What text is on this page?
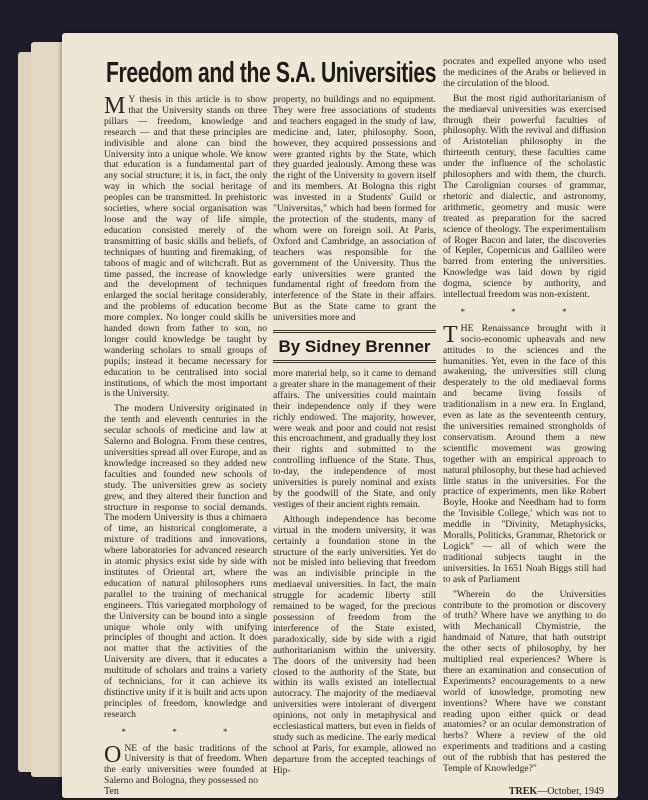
Freedom and the S.A. Universities

M Y thesis in this article is to show that the University stands on three pillars — freedom, knowledge and research — and that these principles are indivisible and alone can bind the University into a unique whole. We know that education is a fundamental part of any social structure; it is, in fact, the only way in which the social heritage of peoples can be transmitted. In prehistoric societies, where social organisation was loose and the way of life simple, education consisted merely of the transmitting of basic skills and beliefs, of techniques of hunting and firemaking, of taboos of magic and of witchcraft. But as time passed, the increase of knowledge and the development of techniques enlarged the social heritage considerably, and the problems of education become more complex. No longer could skills be handed down from father to son, no longer could knowledge be taught by wandering scholars to small groups of pupils; instead it became necessary for education to be centralised into social institutions, of which the most important is the University.

The modern University originated in the tenth and eleventh centuries in the secular schools of medicine and law at Salerno and Bologna. From these centres, universities spread all over Europe, and as knowledge increased so they added new faculties and founded new schools of study. The universities grew as society grew, and they altered their function and structure in response to social demands. The modern University is thus a chimaera of time, an historical conglomerate, a mixture of traditions and innovations, where laboratories for advanced research in atomic physics exist side by side with institutes of Oriental art, where the education of natural philosophers runs parallel to the training of mechanical engineers. This variegated morphology of the University can be bound into a single unique whole only with unifying principles of thought and action. It does not matter that the activities of the University are divers, that it educates a multitude of scholars and trains a variety of technicians, for it can achieve its distinctive unity if it is built and acts upon principles of freedom, knowledge and research

* * *

ONE of the basic traditions of the University is that of freedom. When the early universities were founded at Salerno and Bologna, they possessed no

property, no buildings and no equipment. They were free associations of students and teachers engaged in the study of law, medicine and, later, philosophy. Soon, however, they acquired possessions and were granted rights by the State, which they guarded jealously. Among these was the right of the University to govern itself and its members. At Bologna this right was invested in a Students' Guild or "Universitas," which had been formed for the protection of the students, many of whom were on foreign soil. At Paris, Oxford and Cambridge, an association of teachers was responsible for the government of the University. Thus the early universities were granted the fundamental right of freedom from the interference of the State in their affairs. But as the State came to grant the universities more and

By Sidney Brenner

more material help, so it came to demand a greater share in the management of their affairs. The universities could maintain their independence only if they were richly endowed. The majority, however, were weak and poor and could not resist this encroachment, and gradually they lost their rights and submitted to the controlling influence of the State. Thus, to-day, the independence of most universities is purely nominal and exists by the goodwill of the State, and only vestiges of their ancient rights remain.

Although independence has become virtual in the modern university, it was certainly a foundation stone in the structure of the early universities. Yet do not be misled into believing that freedom was an indivisible principle in the mediaeval universities. In fact, the main struggle for academic liberty still remained to be waged, for the precious possession of freedom from the interference of the State existed, paradoxically, side by side with a rigid authoritarianism within the university. The doors of the university had been closed to the authority of the State, but within its walls existed an intellectual autocracy. The majority of the mediaeval universities were intolerant of divergent opinions, not only in metaphysical and ecclesiastical matters, but even in fields of study such as medicine. The early medical school at Paris, for example, allowed no departure from the accepted teachings of Hip-

pocrates and expelled anyone who used the medicines of the Arabs or believed in the circulation of the blood.

But the most rigid authoritarianism of the mediaeval universities was exercised through their powerful faculties of philosophy. With the revival and diffusion of Aristotelian philosophy in the thirteenth century, these faculties came under the influence of the scholastic philosophers and with them, the church. The Carolignian courses of grammar, rhetoric and dialectic, and astronomy, arithmetic, geometry and music were treated as preparation for the sacred science of theology. The experimentalism of Roger Bacon and later, the discoveries of Kepler, Copernicus and Gallileo were barred from entering the universities. Knowledge was laid down by rigid dogma, science by authority, and intellectual freedom was non-existent.

* * *

THE Renaissance brought with it socio-economic upheavals and new attitudes to the sciences and the humanities. Yet, even in the face of this awakening, the universities still clung desperately to the old mediaeval forms and became living fossils of traditionalism in a new era. In England, even as late as the seventeenth century, the universities remained strongholds of conservatism. Around them a new scientific movement was growing together with an empirical approach to natural philosophy, but these had achieved little status in the universities. For the practice of experiments, men like Robert Boyle, Hooke and Needham had to form the 'Invisible College,' which was not to meddle in "Divinity, Metaphysicks, Moralls, Politicks, Grammar, Rhetorick or Logick" — all of which were the traditional subjects taught in the universities. In 1651 Noah Biggs still had to ask of Parliament

"Wherein do the Universities contribute to the promotion or discovery of truth? Where have we anything to do with Mechanicall Chymistrie, the handmaid of Nature, that hath outstript the other sects of philosophy, by her multiplied real experiences? Where is there an examination and consecution of Experiments? encouragements to a new world of knowledge, promoting new inventions? Where have we constant reading upon either quick or dead anatomies? or an ocular demonstration of herbs? Where a review of the old experiments and traditions and a casting out of the rubbish that has pestered the Temple of Knowledge?"

Ten	TREK—October, 1949
